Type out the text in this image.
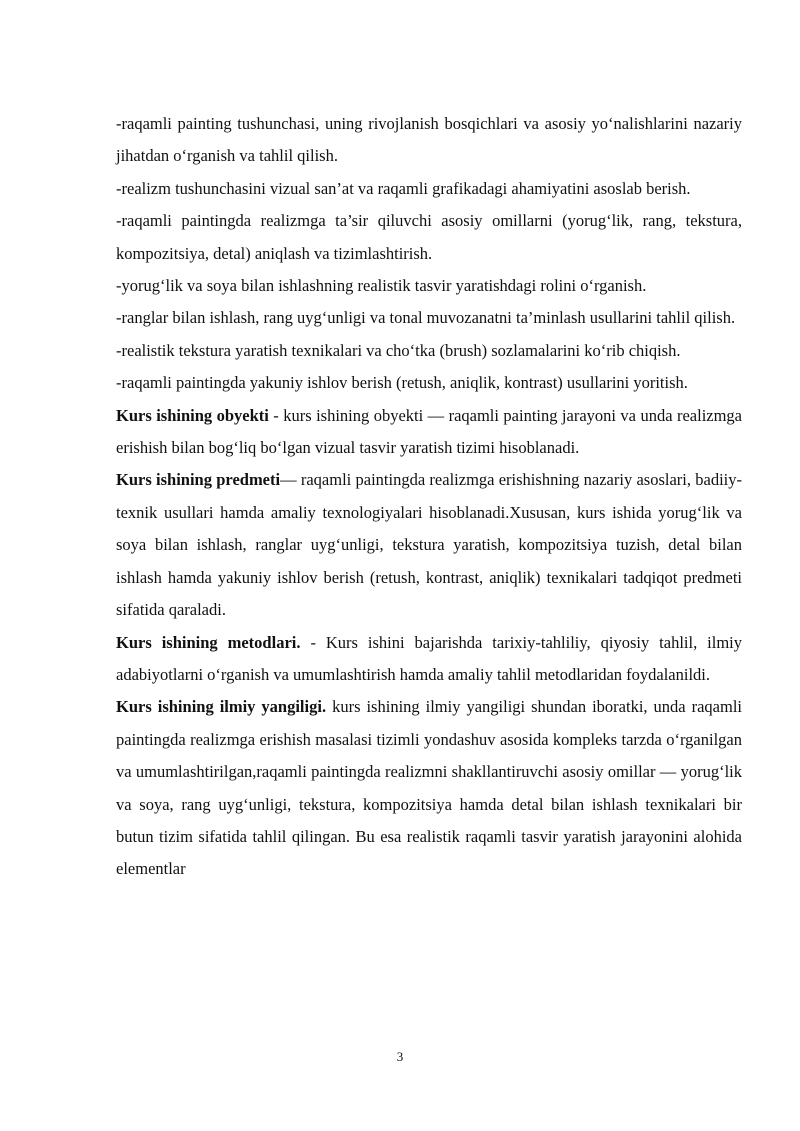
-raqamli painting tushunchasi, uning rivojlanish bosqichlari va asosiy yo‘nalishlarini nazariy jihatdan o‘rganish va tahlil qilish.

-realizm tushunchasini vizual san’at va raqamli grafikadagi ahamiyatini asoslab berish.

-raqamli paintingda realizmga ta’sir qiluvchi asosiy omillarni (yorug‘lik, rang, tekstura, kompozitsiya, detal) aniqlash va tizimlashtirish.

-yorug‘lik va soya bilan ishlashning realistik tasvir yaratishdagi rolini o‘rganish.

-ranglar bilan ishlash, rang uyg‘unligi va tonal muvozanatni ta’minlash usullarini tahlil qilish.

-realistik tekstura yaratish texnikalari va cho‘tka (brush) sozlamalarini ko‘rib chiqish.

-raqamli paintingda yakuniy ishlov berish (retush, aniqlik, kontrast) usullarini yoritish.

Kurs ishining obyekti - kurs ishining obyekti — raqamli painting jarayoni va unda realizmga erishish bilan bog‘liq bo‘lgan vizual tasvir yaratish tizimi hisoblanadi.

Kurs ishining predmeti— raqamli paintingda realizmga erishishning nazariy asoslari, badiiy-texnik usullari hamda amaliy texnologiyalari hisoblanadi.Xususan, kurs ishida yorug‘lik va soya bilan ishlash, ranglar uyg‘unligi, tekstura yaratish, kompozitsiya tuzish, detal bilan ishlash hamda yakuniy ishlov berish (retush, kontrast, aniqlik) texnikalari tadqiqot predmeti sifatida qaraladi.

Kurs ishining metodlari. - Kurs ishini bajarishda tarixiy-tahliliy, qiyosiy tahlil, ilmiy adabiyotlarni o‘rganish va umumlashtirish hamda amaliy tahlil metodlaridan foydalanildi.

Kurs ishining ilmiy yangiligi. kurs ishining ilmiy yangiligi shundan iboratki, unda raqamli paintingda realizmga erishish masalasi tizimli yondashuv asosida kompleks tarzda o‘rganilgan va umumlashtirilgan,raqamli paintingda realizmni shakllantiruvchi asosiy omillar — yorug‘lik va soya, rang uyg‘unligi, tekstura, kompozitsiya hamda detal bilan ishlash texnikalari bir butun tizim sifatida tahlil qilingan. Bu esa realistik raqamli tasvir yaratish jarayonini alohida elementlar

3
